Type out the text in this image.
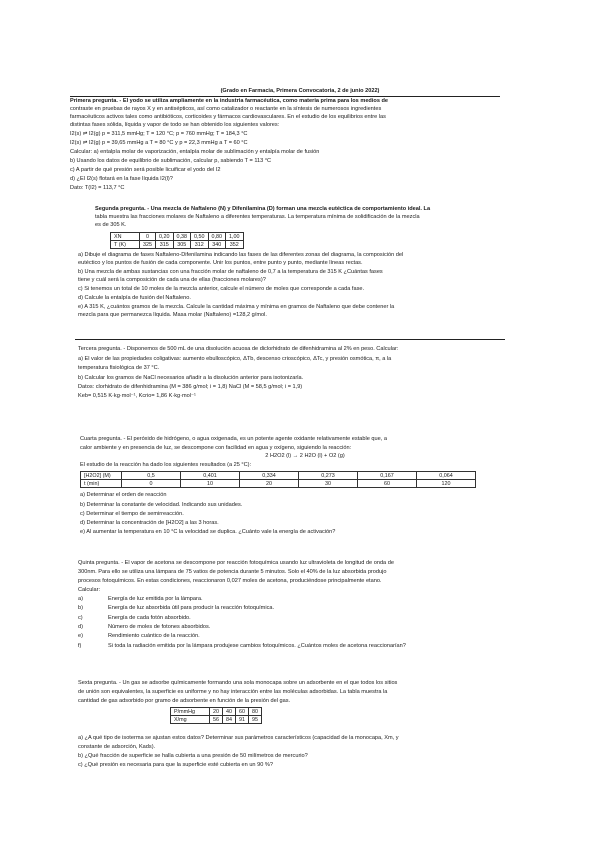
(Grado en Farmacia, Primera Convocatoria, 2 de junio 2022)
Primera pregunta. - El yodo se utiliza ampliamente en la industria farmacéutica, como materia prima para los medios de
contraste en pruebas de rayos X y en antisépticos, así como catalizador o reactante en la síntesis de numerosos ingredientes
farmacéuticos activos tales como antibióticos, corticoides y fármacos cardiovasculares. En el estudio de los equilibrios entre las
distintas fases sólida, líquida y vapor de todo se han obtenido los siguientes valores:
I2(s) ⇌ I2(g) p = 311,5 mmHg; T = 120 °C; p = 760 mmHg; T = 184,3 °C
I2(s) ⇌ I2(g) p = 39,65 mmHg a T = 80 °C y p = 22,3 mmHg a T = 60 °C
Calcular: a) entalpía molar de vaporización, entalpía molar de sublimación y entalpía molar de fusión
b) Usando los datos de equilibrio de sublimación, calcular p, sabiendo T = 113 °C
c) A partir de qué presión será posible licuificar el yodo del I2
d) ¿El I2(s) flotará en la fase líquida I2(l)?
Dato: T(I2) = 113,7 °C
Segunda pregunta. - Una mezcla de Naftaleno (N) y Difenilamina (D) forman una mezcla eutéctica de comportamiento ideal. La
tabla muestra las fracciones molares de Naftaleno a diferentes temperaturas. La temperatura mínima de solidificación de la mezcla
es de 305 K.
XN	0	0,20	0,38	0,50	0,80	1,00
T (K)	325	315	305	312	340	352
a) Dibuje el diagrama de fases Naftaleno-Difenilamina indicando las fases de las diferentes zonas del diagrama, la composición del
eutéctico y los puntos de fusión de cada componente. Unir los puntos, entre punto y punto, mediante líneas rectas.
b) Una mezcla de ambas sustancias con una fracción molar de naftaleno de 0,7 a la temperatura de 315 K ¿Cuántas fases
tiene y cuál será la composición de cada una de ellas (fracciones molares)?
c) Si tenemos un total de 10 moles de la mezcla anterior, calcule el número de moles que corresponde a cada fase.
d) Calcule la entalpía de fusión del Naftaleno.
e) A 315 K, ¿cuántos gramos de la mezcla. Calcule la cantidad máxima y mínima en gramos de Naftaleno que debe contener la
mezcla para que permanezca líquida. Masa molar (Naftaleno) =128,2 g/mol.
Tercera pregunta. - Disponemos de 500 mL de una disolución acuosa de diclorhidrato de difenhidramina al 2% en peso. Calcular:
a) El valor de las propiedades coligativas: aumento ebulloscópico, ΔTb, descenso crioscópico, ΔTc, y presión osmótica, π, a la
temperatura fisiológica de 37 °C.
b) Calcular los gramos de NaCl necesarios añadir a la disolución anterior para isotonizarla.
Datos: clorhidrato de difenhidramina (M = 386 g/mol; i = 1,8) NaCl (M = 58,5 g/mol; i = 1,9)
Keb= 0,515 K·kg·mol⁻¹, Kcrio= 1,86 K·kg·mol⁻¹
Cuarta pregunta. - El peróxido de hidrógeno, o agua oxigenada, es un potente agente oxidante relativamente estable que, a
calor ambiente y en presencia de luz, se descompone con facilidad en agua y oxígeno, siguiendo la reacción:
2 H2O2 (l) → 2 H2O (l) + O2 (g)
El estudio de la reacción ha dado los siguientes resultados (a 25 °C):
[H2O2] (M)	0,5	0,401	0,334	0,273	0,167	0,064
t (min)	0	10	20	30	60	120
a) Determinar el orden de reacción
b) Determinar la constante de velocidad. Indicando sus unidades.
c) Determinar el tiempo de semirreacción.
d) Determinar la concentración de [H2O2] a las 3 horas.
e) Al aumentar la temperatura en 10 °C la velocidad se duplica. ¿Cuánto vale la energía de activación?
Quinta pregunta. - El vapor de acetona se descompone por reacción fotoquímica usando luz ultravioleta de longitud de onda de
300nm. Para ello se utiliza una lámpara de 75 vatios de potencia durante 5 minutos. Solo el 40% de la luz absorbida produjo
procesos fotoquímicos. En estas condiciones, reaccionaron 0,027 moles de acetona, produciéndose principalmente etano.
Calcular:
a)	Energía de luz emitida por la lámpara.
b)	Energía de luz absorbida útil para producir la reacción fotoquímica.
c)	Energía de cada fotón absorbido.
d)	Número de moles de fotones absorbidos.
e)	Rendimiento cuántico de la reacción.
f)	Si toda la radiación emitida por la lámpara produjese cambios fotoquímicos. ¿Cuántos moles de acetona reaccionarían?
Sexta pregunta. - Un gas se adsorbe químicamente formando una sola monocapa sobre un adsorbente en el que todos los sitios
de unión son equivalentes, la superficie es uniforme y no hay interacción entre las moléculas adsorbidas. La tabla muestra la
cantidad de gas adsorbido por gramo de adsorbente en función de la presión del gas.
P/mmHg	20	40	60	80
X/mg	56	84	91	95
a) ¿A qué tipo de isoterma se ajustan estos datos? Determinar sus parámetros característicos (capacidad de la monocapa, Xm, y
constante de adsorción, Kads).
b) ¿Qué fracción de superficie se halla cubierta a una presión de 50 milímetros de mercurio?
c) ¿Qué presión es necesaria para que la superficie esté cubierta en un 90 %?
